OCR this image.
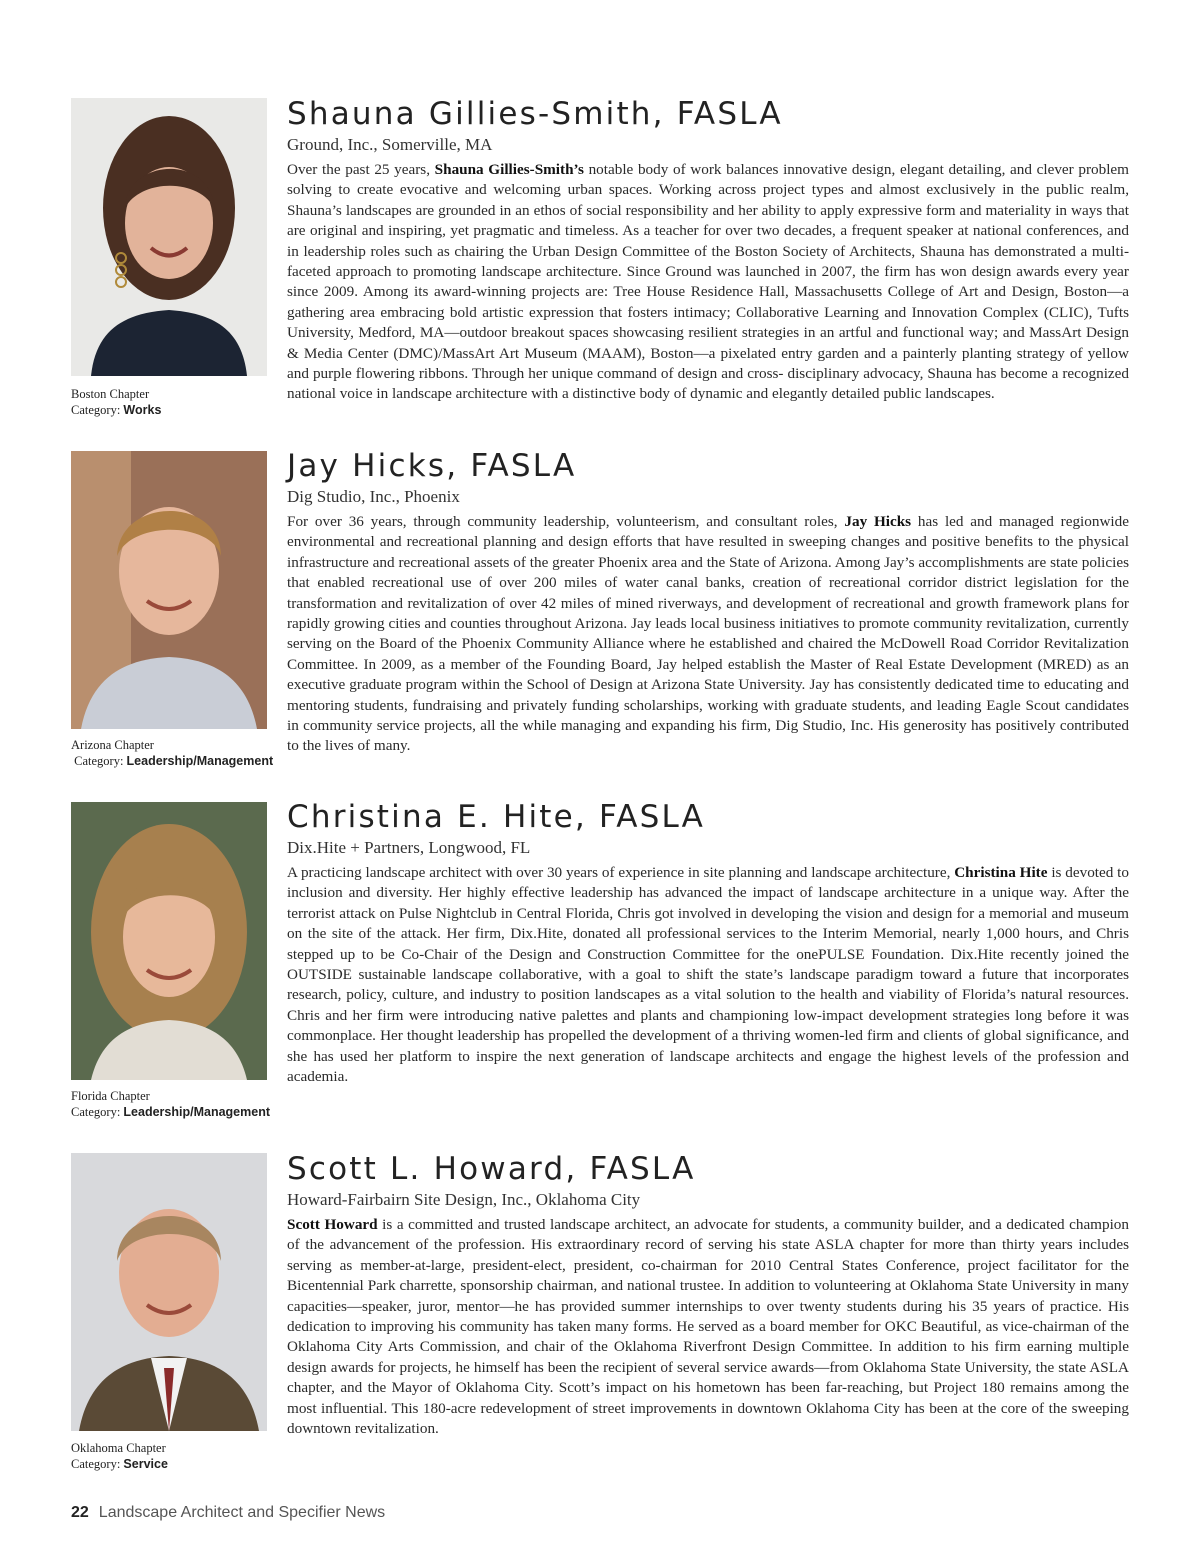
Boston Chapter
Category: Works
Shauna Gillies-Smith, FASLA
Ground, Inc., Somerville, MA

Over the past 25 years, Shauna Gillies-Smith’s notable body of work balances innovative design, elegant detailing, and clever problem solving to create evocative and welcoming urban spaces. Working across project types and almost exclusively in the public realm, Shauna’s landscapes are grounded in an ethos of social responsibility and her ability to apply expressive form and materiality in ways that are original and inspiring, yet pragmatic and timeless. As a teacher for over two decades, a frequent speaker at national conferences, and in leadership roles such as chairing the Urban Design Committee of the Boston Society of Architects, Shauna has demonstrated a multi-faceted approach to promoting landscape architecture. Since Ground was launched in 2007, the firm has won design awards every year since 2009. Among its award-winning projects are: Tree House Residence Hall, Massachusetts College of Art and Design, Boston—a gathering area embracing bold artistic expression that fosters intimacy; Collaborative Learning and Innovation Complex (CLIC), Tufts University, Medford, MA—outdoor breakout spaces showcasing resilient strategies in an artful and functional way; and MassArt Design & Media Center (DMC)/MassArt Art Museum (MAAM), Boston—a pixelated entry garden and a painterly planting strategy of yellow and purple flowering ribbons. Through her unique command of design and cross- disciplinary advocacy, Shauna has become a recognized national voice in landscape architecture with a distinctive body of dynamic and elegantly detailed public landscapes.

Arizona Chapter
Category: Leadership/Management
Jay Hicks, FASLA
Dig Studio, Inc., Phoenix

For over 36 years, through community leadership, volunteerism, and consultant roles, Jay Hicks has led and managed regionwide environmental and recreational planning and design efforts that have resulted in sweeping changes and positive benefits to the physical infrastructure and recreational assets of the greater Phoenix area and the State of Arizona. Among Jay’s accomplishments are state policies that enabled recreational use of over 200 miles of water canal banks, creation of recreational corridor district legislation for the transformation and revitalization of over 42 miles of mined riverways, and development of recreational and growth framework plans for rapidly growing cities and counties throughout Arizona. Jay leads local business initiatives to promote community revitalization, currently serving on the Board of the Phoenix Community Alliance where he established and chaired the McDowell Road Corridor Revitalization Committee. In 2009, as a member of the Founding Board, Jay helped establish the Master of Real Estate Development (MRED) as an executive graduate program within the School of Design at Arizona State University. Jay has consistently dedicated time to educating and mentoring students, fundraising and privately funding scholarships, working with graduate students, and leading Eagle Scout candidates in community service projects, all the while managing and expanding his firm, Dig Studio, Inc. His generosity has positively contributed to the lives of many.

Florida Chapter
Category: Leadership/Management
Christina E. Hite, FASLA
Dix.Hite + Partners, Longwood, FL

A practicing landscape architect with over 30 years of experience in site planning and landscape architecture, Christina Hite is devoted to inclusion and diversity. Her highly effective leadership has advanced the impact of landscape architecture in a unique way. After the terrorist attack on Pulse Nightclub in Central Florida, Chris got involved in developing the vision and design for a memorial and museum on the site of the attack. Her firm, Dix.Hite, donated all professional services to the Interim Memorial, nearly 1,000 hours, and Chris stepped up to be Co-Chair of the Design and Construction Committee for the onePULSE Foundation. Dix.Hite recently joined the OUTSIDE sustainable landscape collaborative, with a goal to shift the state’s landscape paradigm toward a future that incorporates research, policy, culture, and industry to position landscapes as a vital solution to the health and viability of Florida’s natural resources. Chris and her firm were introducing native palettes and plants and championing low-impact development strategies long before it was commonplace. Her thought leadership has propelled the development of a thriving women-led firm and clients of global significance, and she has used her platform to inspire the next generation of landscape architects and engage the highest levels of the profession and academia.

Oklahoma Chapter
Category: Service
Scott L. Howard, FASLA
Howard-Fairbairn Site Design, Inc., Oklahoma City

Scott Howard is a committed and trusted landscape architect, an advocate for students, a community builder, and a dedicated champion of the advancement of the profession. His extraordinary record of serving his state ASLA chapter for more than thirty years includes serving as member-at-large, president-elect, president, co-chairman for 2010 Central States Conference, project facilitator for the Bicentennial Park charrette, sponsorship chairman, and national trustee. In addition to volunteering at Oklahoma State University in many capacities—speaker, juror, mentor—he has provided summer internships to over twenty students during his 35 years of practice. His dedication to improving his community has taken many forms. He served as a board member for OKC Beautiful, as vice-chairman of the Oklahoma City Arts Commission, and chair of the Oklahoma Riverfront Design Committee. In addition to his firm earning multiple design awards for projects, he himself has been the recipient of several service awards—from Oklahoma State University, the state ASLA chapter, and the Mayor of Oklahoma City. Scott’s impact on his hometown has been far-reaching, but Project 180 remains among the most influential. This 180-acre redevelopment of street improvements in downtown Oklahoma City has been at the core of the sweeping downtown revitalization.

22 Landscape Architect and Specifier News
